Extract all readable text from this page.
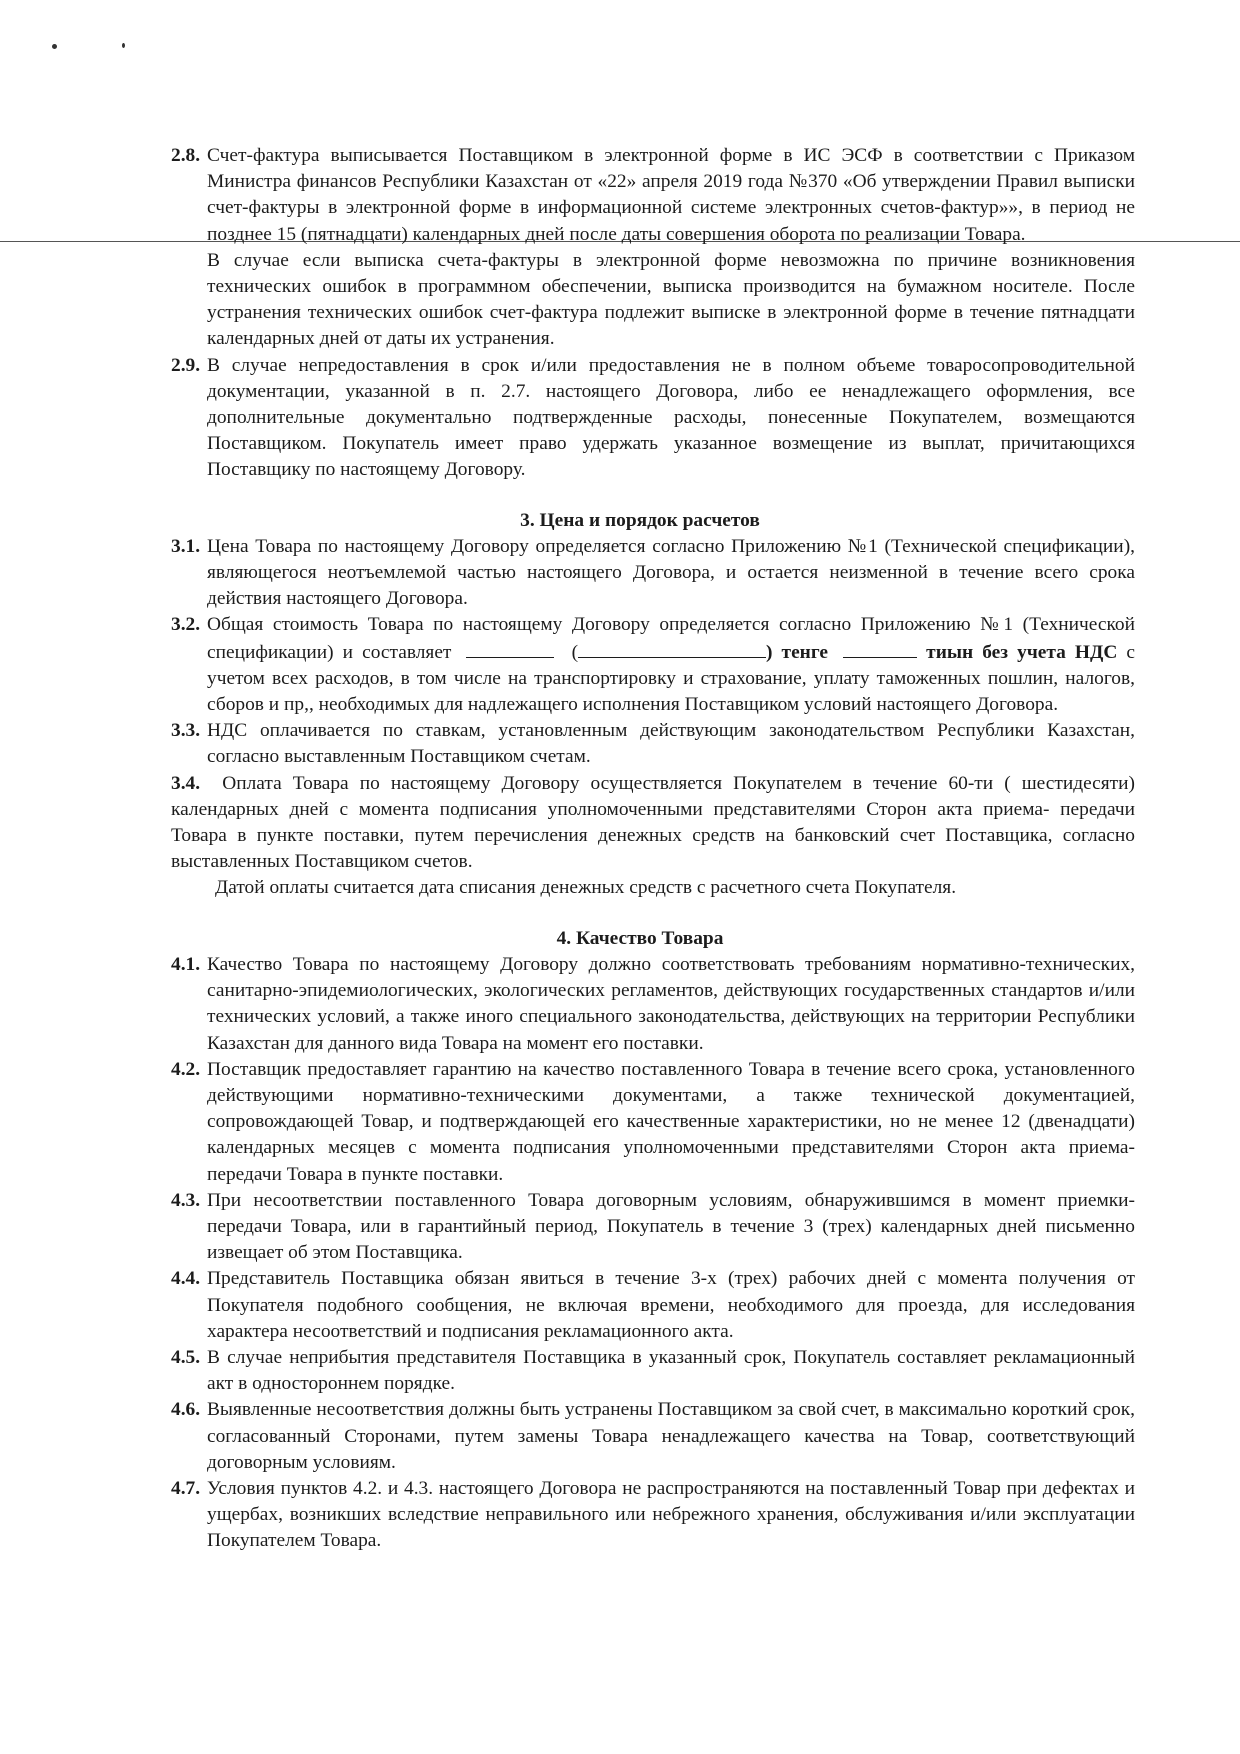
2.8. Счет-фактура выписывается Поставщиком в электронной форме в ИС ЭСФ в соответствии с Приказом Министра финансов Республики Казахстан от «22» апреля 2019 года №370 «Об утверждении Правил выписки счет-фактуры в электронной форме в информационной системе электронных счетов-фактур»», в период не позднее 15 (пятнадцати) календарных дней после даты совершения оборота по реализации Товара.

В случае если выписка счета-фактуры в электронной форме невозможна по причине возникновения технических ошибок в программном обеспечении, выписка производится на бумажном носителе. После устранения технических ошибок счет-фактура подлежит выписке в электронной форме в течение пятнадцати календарных дней от даты их устранения.

2.9. В случае непредоставления в срок и/или предоставления не в полном объеме товаросопроводительной документации, указанной в п. 2.7. настоящего Договора, либо ее ненадлежащего оформления, все дополнительные документально подтвержденные расходы, понесенные Покупателем, возмещаются Поставщиком. Покупатель имеет право удержать указанное возмещение из выплат, причитающихся Поставщику по настоящему Договору.

3. Цена и порядок расчетов
3.1. Цена Товара по настоящему Договору определяется согласно Приложению №1 (Технической спецификации), являющегося неотъемлемой частью настоящего Договора, и остается неизменной в течение всего срока действия настоящего Договора.

3.2. Общая стоимость Товара по настоящему Договору определяется согласно Приложению №1 (Технической спецификации) и составляет	(	) тенге	тиын без учета НДС с учетом всех расходов, в том числе на транспортировку и страхование, уплату таможенных пошлин, налогов, сборов и пр,, необходимых для надлежащего исполнения Поставщиком условий настоящего Договора.

3.3. НДС оплачивается по ставкам, установленным действующим законодательством Республики Казахстан, согласно выставленным Поставщиком счетам.

3.4. Оплата Товара по настоящему Договору осуществляется Покупателем в течение 60-ти ( шестидесяти) календарных дней с момента подписания уполномоченными представителями Сторон акта приема- передачи Товара в пункте поставки, путем перечисления денежных средств на банковский счет Поставщика, согласно выставленных Поставщиком счетов.

Датой оплаты считается дата списания денежных средств с расчетного счета Покупателя.

4. Качество Товара
4.1. Качество Товара по настоящему Договору должно соответствовать требованиям нормативно-технических, санитарно-эпидемиологических, экологических регламентов, действующих государственных стандартов и/или технических условий, а также иного специального законодательства, действующих на территории Республики Казахстан для данного вида Товара на момент его поставки.

4.2. Поставщик предоставляет гарантию на качество поставленного Товара в течение всего срока, установленного действующими нормативно-техническими документами, а также технической документацией, сопровождающей Товар, и подтверждающей его качественные характеристики, но не менее 12 (двенадцати) календарных месяцев с момента подписания уполномоченными представителями Сторон акта приема-передачи Товара в пункте поставки.

4.3. При несоответствии поставленного Товара договорным условиям, обнаружившимся в момент приемки-передачи Товара, или в гарантийный период, Покупатель в течение 3 (трех) календарных дней письменно извещает об этом Поставщика.

4.4. Представитель Поставщика обязан явиться в течение 3-х (трех) рабочих дней с момента получения от Покупателя подобного сообщения, не включая времени, необходимого для проезда, для исследования характера несоответствий и подписания рекламационного акта.

4.5. В случае неприбытия представителя Поставщика в указанный срок, Покупатель составляет рекламационный акт в одностороннем порядке.

4.6. Выявленные несоответствия должны быть устранены Поставщиком за свой счет, в максимально короткий срок, согласованный Сторонами, путем замены Товара ненадлежащего качества на Товар, соответствующий договорным условиям.

4.7. Условия пунктов 4.2. и 4.3. настоящего Договора не распространяются на поставленный Товар при дефектах и ущербах, возникших вследствие неправильного или небрежного хранения, обслуживания и/или эксплуатации Покупателем Товара.
